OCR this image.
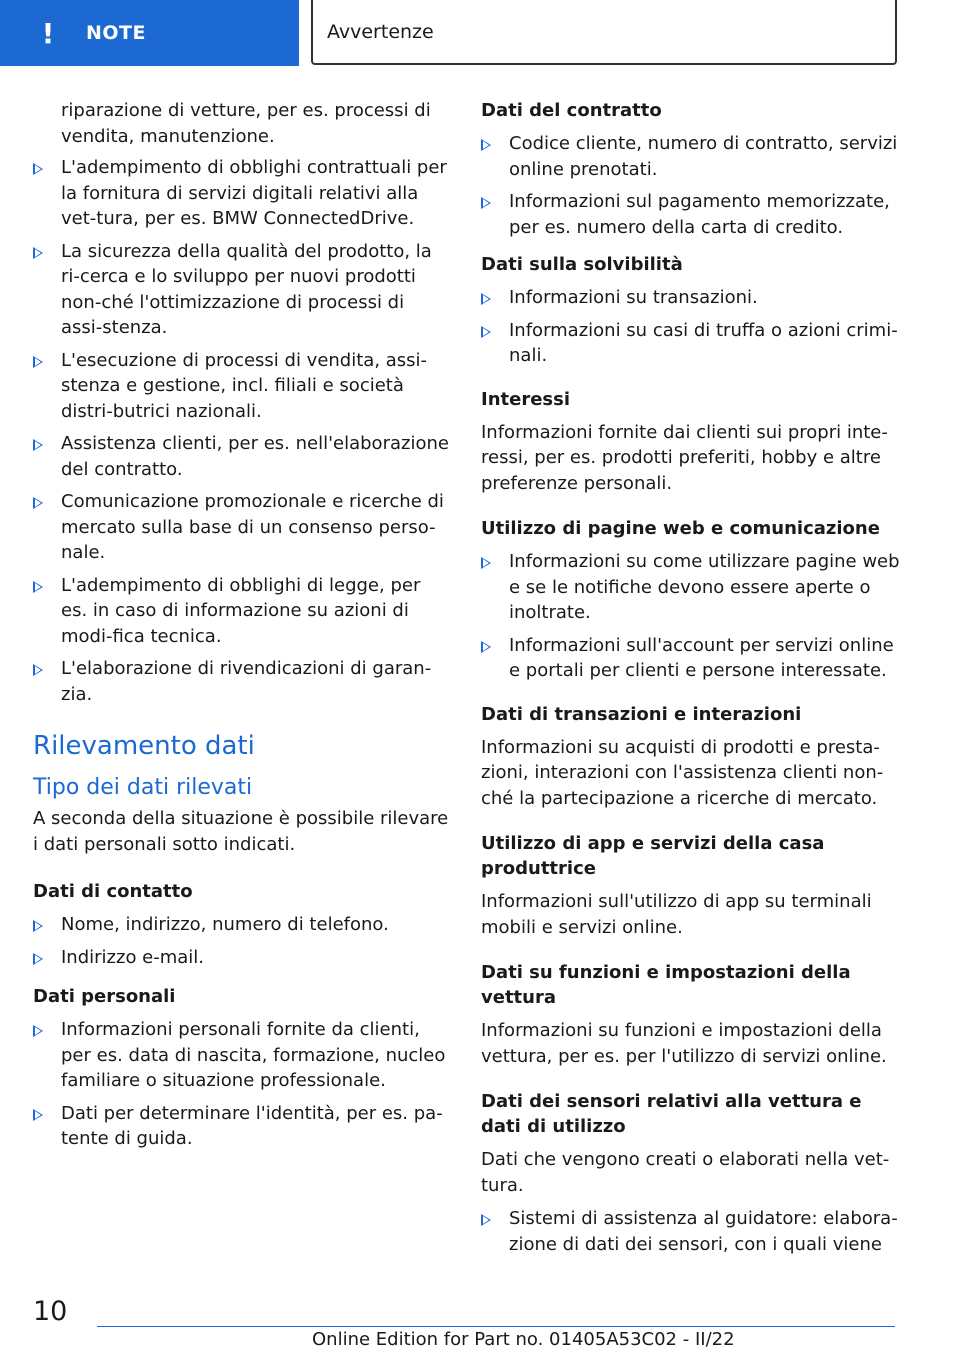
! NOTE	Avvertenze

riparazione di vetture, per es. processi di vendita, manutenzione.

L'adempimento di obblighi contrattuali per la fornitura di servizi digitali relativi alla vet-tura, per es. BMW ConnectedDrive.
La sicurezza della qualità del prodotto, la ri-cerca e lo sviluppo per nuovi prodotti non-ché l'ottimizzazione di processi di assi-stenza.
L'esecuzione di processi di vendita, assi-stenza e gestione, incl. filiali e società distri-butrici nazionali.
Assistenza clienti, per es. nell'elaborazione del contratto.
Comunicazione promozionale e ricerche di mercato sulla base di un consenso perso-nale.
L'adempimento di obblighi di legge, per es. in caso di informazione su azioni di modi-fica tecnica.
L'elaborazione di rivendicazioni di garan-zia.
Rilevamento dati
Tipo dei dati rilevati

A seconda della situazione è possibile rilevare i dati personali sotto indicati.

Dati di contatto
Nome, indirizzo, numero di telefono.
Indirizzo e-mail.
Dati personali
Informazioni personali fornite da clienti, per es. data di nascita, formazione, nucleo familiare o situazione professionale.
Dati per determinare l'identità, per es. pa-tente di guida.
Dati del contratto
Codice cliente, numero di contratto, servizi online prenotati.
Informazioni sul pagamento memorizzate, per es. numero della carta di credito.
Dati sulla solvibilità
Informazioni su transazioni.
Informazioni su casi di truffa o azioni crimi-nali.
Interessi

Informazioni fornite dai clienti sui propri inte-ressi, per es. prodotti preferiti, hobby e altre preferenze personali.

Utilizzo di pagine web e comunicazione
Informazioni su come utilizzare pagine web e se le notifiche devono essere aperte o inoltrate.
Informazioni sull'account per servizi online e portali per clienti e persone interessate.
Dati di transazioni e interazioni

Informazioni su acquisti di prodotti e presta-zioni, interazioni con l'assistenza clienti non-ché la partecipazione a ricerche di mercato.

Utilizzo di app e servizi della casa produttrice

Informazioni sull'utilizzo di app su terminali mobili e servizi online.

Dati su funzioni e impostazioni della vettura

Informazioni su funzioni e impostazioni della vettura, per es. per l'utilizzo di servizi online.

Dati dei sensori relativi alla vettura e dati di utilizzo

Dati che vengono creati o elaborati nella vet-tura.

Sistemi di assistenza al guidatore: elabora-zione di dati dei sensori, con i quali viene
10
Online Edition for Part no. 01405A53C02 - II/22
